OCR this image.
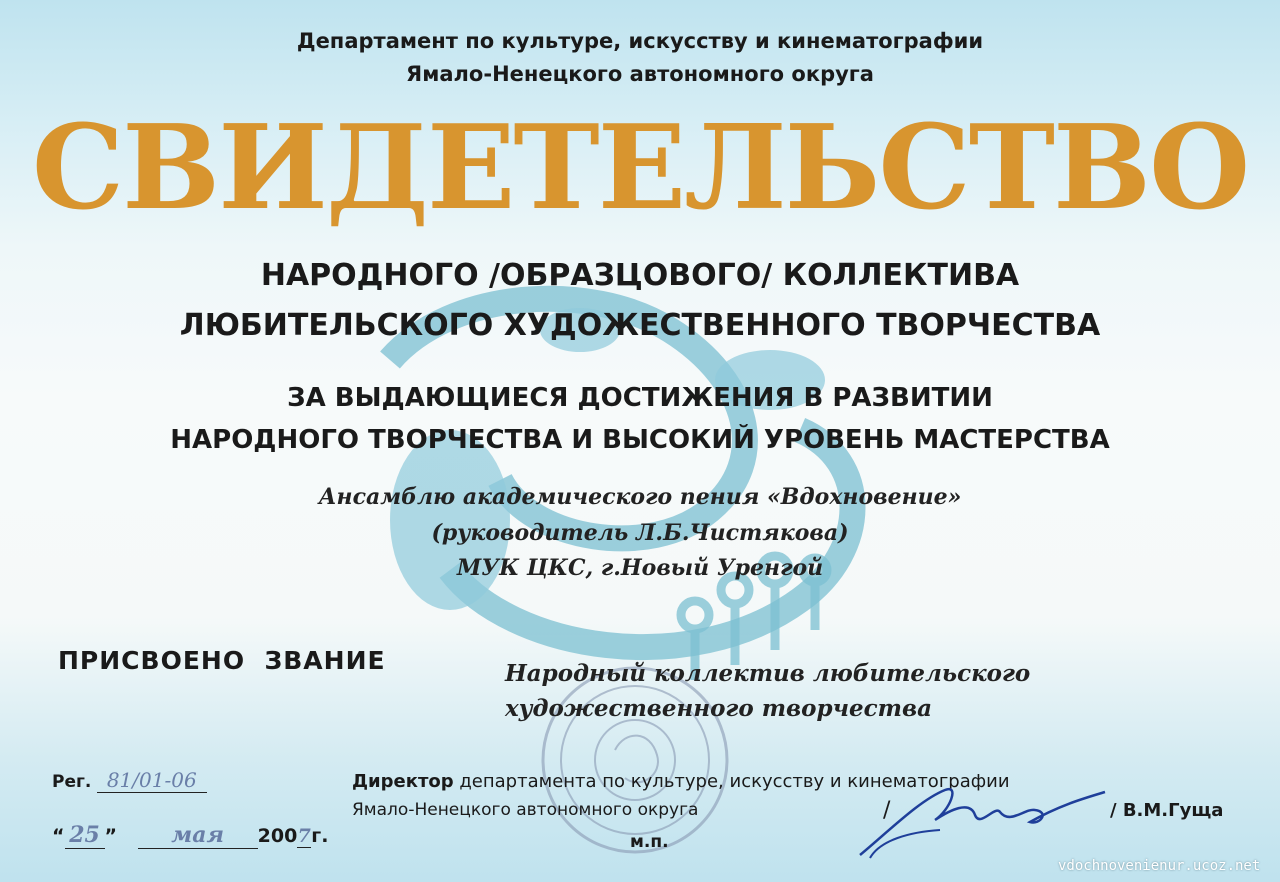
Департамент по культуре, искусству и кинематографии

Ямало-Ненецкого автономного округа

СВИДЕТЕЛЬСТВО

НАРОДНОГО /ОБРАЗЦОВОГО/ КОЛЛЕКТИВА

ЛЮБИТЕЛЬСКОГО ХУДОЖЕСТВЕННОГО ТВОРЧЕСТВА

ЗА ВЫДАЮЩИЕСЯ ДОСТИЖЕНИЯ В РАЗВИТИИ

НАРОДНОГО ТВОРЧЕСТВА И ВЫСОКИЙ УРОВЕНЬ МАСТЕРСТВА

Ансамблю академического пения «Вдохновение»

(руководитель Л.Б.Чистякова)

МУК ЦКС, г.Новый Уренгой

ПРИСВОЕНО  ЗВАНИЕ	Народный коллектив любительского

художественного творчества

Рег. 81/01-06
“ 25 ” мая 2007г.
Директор департамента по культуре, искусству и кинематографии

Ямало-Ненецкого автономного округа

м.п.

/	/ В.М.Гуща

vdochnovenienur.ucoz.net
